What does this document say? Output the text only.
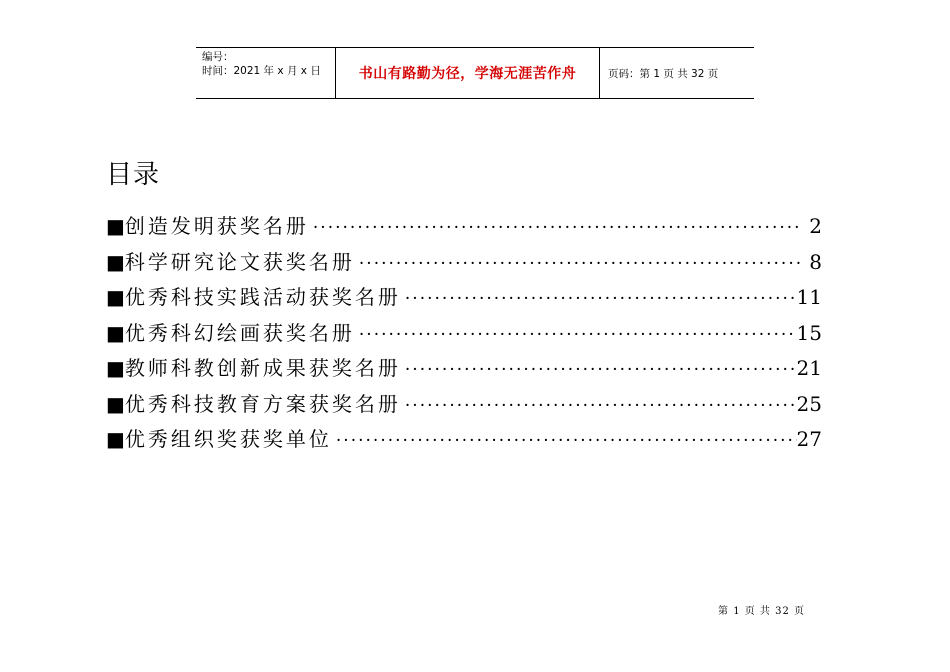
编号：
时间：2021 年 x 月 x 日	书山有路勤为径，学海无涯苦作舟	页码：第 1 页 共 32 页
目录
■ 创造发明获奖名册 ·····	2
■ 科学研究论文获奖名册 ·····	8
■ 优秀科技实践活动获奖名册 ·····	11
■ 优秀科幻绘画获奖名册 ·····	15
■ 教师科教创新成果获奖名册 ·····	21
■ 优秀科技教育方案获奖名册 ·····	25
■ 优秀组织奖获奖单位 ·····	27
第 1 页 共 32 页
